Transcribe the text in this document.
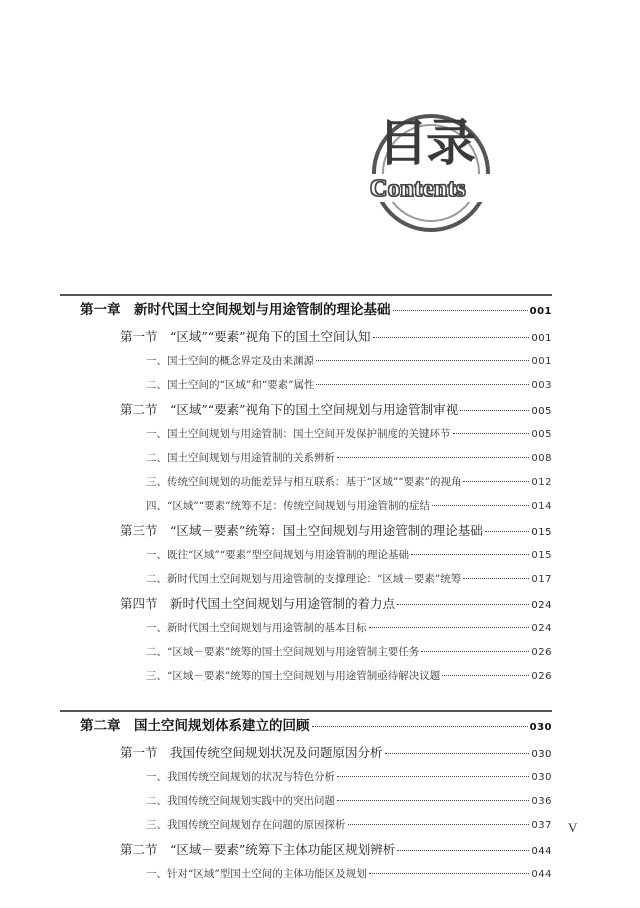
目录
Contents
第一章　新时代国土空间规划与用途管制的理论基础	001
第一节　“区域”“要素”视角下的国土空间认知	001
一、国土空间的概念界定及由来渊源	001
二、国土空间的“区域”和“要素”属性	003
第二节　“区域”“要素”视角下的国土空间规划与用途管制审视	005
一、国土空间规划与用途管制：国土空间开发保护制度的关键环节	005
二、国土空间规划与用途管制的关系辨析	008
三、传统空间规划的功能差异与相互联系：基于“区域”“要素”的视角	012
四、“区域”“要素”统筹不足：传统空间规划与用途管制的症结	014
第三节　“区域－要素”统筹：国土空间规划与用途管制的理论基础	015
一、既往“区域”“要素”型空间规划与用途管制的理论基础	015
二、新时代国土空间规划与用途管制的支撑理论：“区域－要素”统筹	017
第四节　新时代国土空间规划与用途管制的着力点	024
一、新时代国土空间规划与用途管制的基本目标	024
二、“区域－要素”统筹的国土空间规划与用途管制主要任务	026
三、“区域－要素”统筹的国土空间规划与用途管制亟待解决议题	026
第二章　国土空间规划体系建立的回顾	030
第一节　我国传统空间规划状况及问题原因分析	030
一、我国传统空间规划的状况与特色分析	030
二、我国传统空间规划实践中的突出问题	036
三、我国传统空间规划存在问题的原因探析	037
第二节　“区域－要素”统筹下主体功能区规划辨析	044
一、针对“区域”型国土空间的主体功能区及规划	044
V
